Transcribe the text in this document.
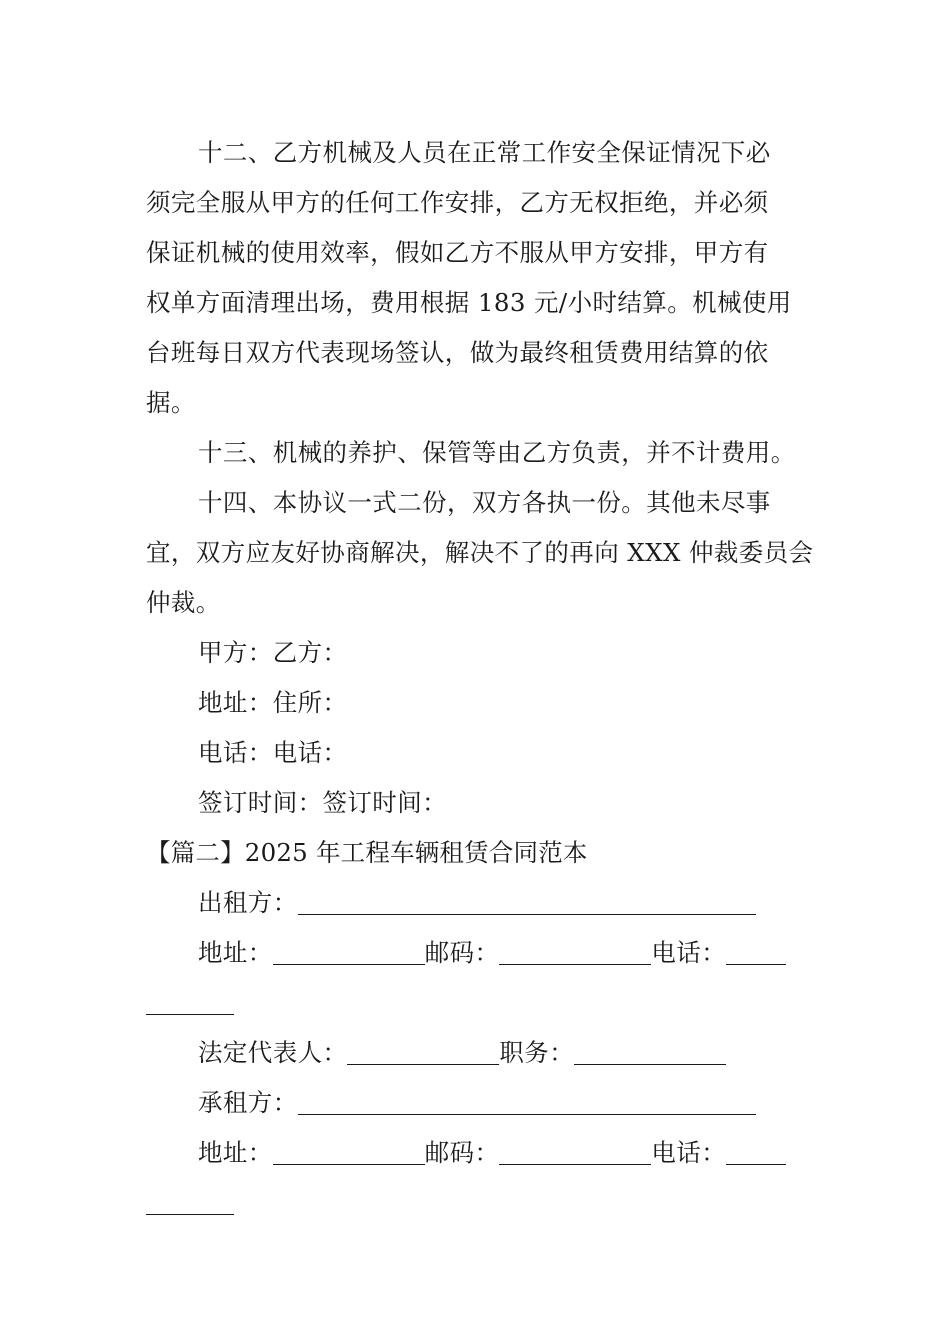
十二、乙方机械及人员在正常工作安全保证情况下必
须完全服从甲方的任何工作安排，乙方无权拒绝，并必须
保证机械的使用效率，假如乙方不服从甲方安排，甲方有
权单方面清理出场，费用根据 183 元/小时结算。机械使用
台班每日双方代表现场签认，做为最终租赁费用结算的依
据。
十三、机械的养护、保管等由乙方负责，并不计费用。
十四、本协议一式二份，双方各执一份。其他未尽事
宜，双方应友好协商解决，解决不了的再向 XXX 仲裁委员会
仲裁。
甲方：乙方：
地址：住所：
电话：电话：
签订时间：签订时间：
【篇二】2025 年工程车辆租赁合同范本
出租方：
地址：	邮码：	电话：
法定代表人：	职务：
承租方：
地址：	邮码：	电话：
